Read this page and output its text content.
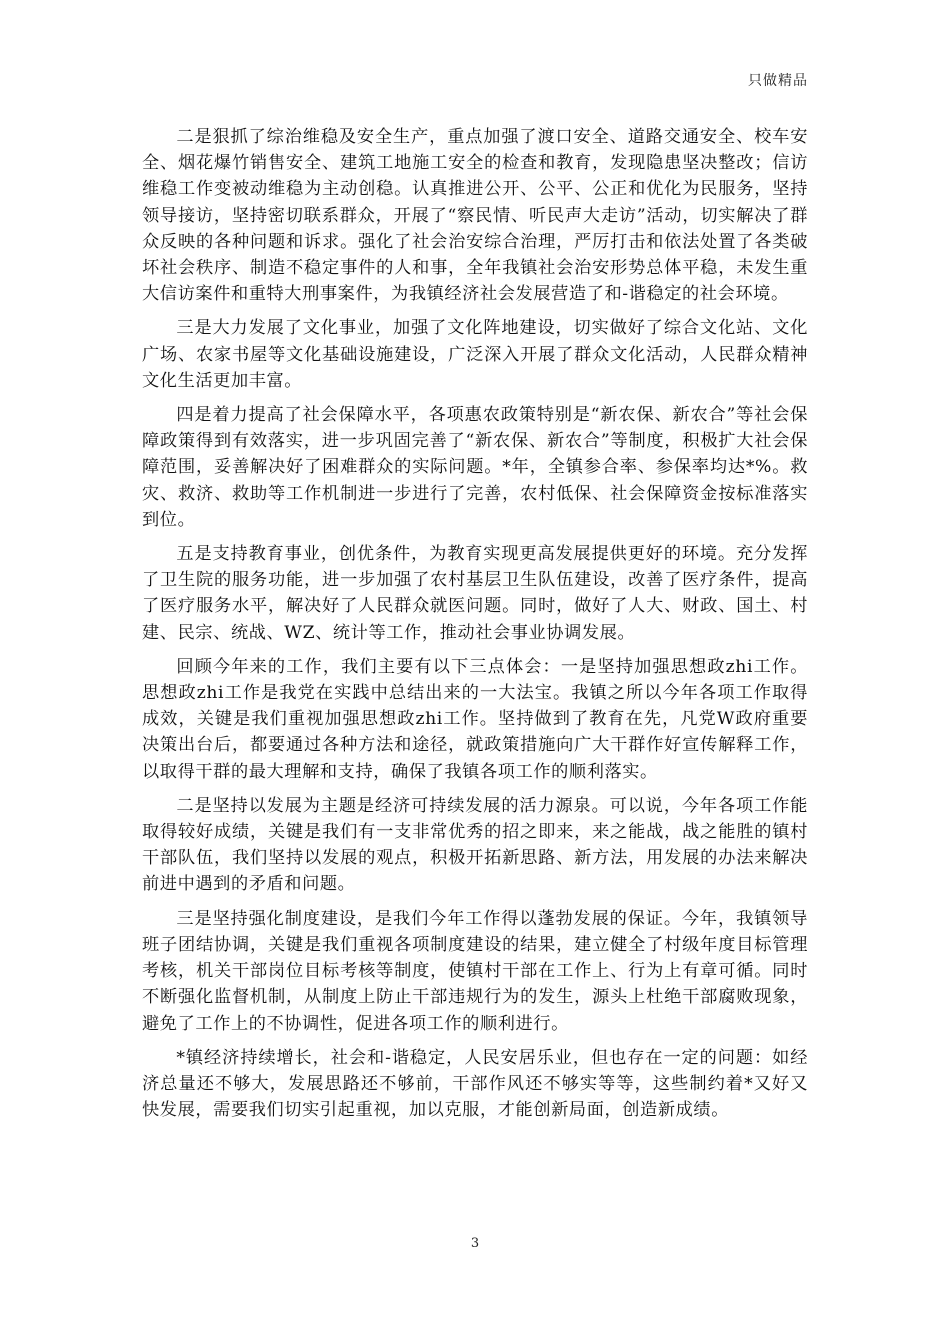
只做精品

二是狠抓了综治维稳及安全生产，重点加强了渡口安全、道路交通安全、校车安全、烟花爆竹销售安全、建筑工地施工安全的检查和教育，发现隐患坚决整改；信访维稳工作变被动维稳为主动创稳。认真推进公开、公平、公正和优化为民服务，坚持领导接访，坚持密切联系群众，开展了“察民情、听民声大走访”活动，切实解决了群众反映的各种问题和诉求。强化了社会治安综合治理，严厉打击和依法处置了各类破坏社会秩序、制造不稳定事件的人和事，全年我镇社会治安形势总体平稳，未发生重大信访案件和重特大刑事案件，为我镇经济社会发展营造了和-谐稳定的社会环境。

三是大力发展了文化事业，加强了文化阵地建设，切实做好了综合文化站、文化广场、农家书屋等文化基础设施建设，广泛深入开展了群众文化活动，人民群众精神文化生活更加丰富。

四是着力提高了社会保障水平，各项惠农政策特别是“新农保、新农合”等社会保障政策得到有效落实，进一步巩固完善了“新农保、新农合”等制度，积极扩大社会保障范围，妥善解决好了困难群众的实际问题。*年，全镇参合率、参保率均达*%。救灾、救济、救助等工作机制进一步进行了完善，农村低保、社会保障资金按标准落实到位。

五是支持教育事业，创优条件，为教育实现更高发展提供更好的环境。充分发挥了卫生院的服务功能，进一步加强了农村基层卫生队伍建设，改善了医疗条件，提高了医疗服务水平，解决好了人民群众就医问题。同时，做好了人大、财政、国土、村建、民宗、统战、WZ、统计等工作，推动社会事业协调发展。

回顾今年来的工作，我们主要有以下三点体会：一是坚持加强思想政zhi工作。思想政zhi工作是我党在实践中总结出来的一大法宝。我镇之所以今年各项工作取得成效，关键是我们重视加强思想政zhi工作。坚持做到了教育在先，凡党W政府重要决策出台后，都要通过各种方法和途径，就政策措施向广大干群作好宣传解释工作，以取得干群的最大理解和支持，确保了我镇各项工作的顺利落实。

二是坚持以发展为主题是经济可持续发展的活力源泉。可以说，今年各项工作能取得较好成绩，关键是我们有一支非常优秀的招之即来，来之能战，战之能胜的镇村干部队伍，我们坚持以发展的观点，积极开拓新思路、新方法，用发展的办法来解决前进中遇到的矛盾和问题。

三是坚持强化制度建设，是我们今年工作得以蓬勃发展的保证。今年，我镇领导班子团结协调，关键是我们重视各项制度建设的结果，建立健全了村级年度目标管理考核，机关干部岗位目标考核等制度，使镇村干部在工作上、行为上有章可循。同时不断强化监督机制，从制度上防止干部违规行为的发生，源头上杜绝干部腐败现象，避免了工作上的不协调性，促进各项工作的顺利进行。

*镇经济持续增长，社会和-谐稳定，人民安居乐业，但也存在一定的问题：如经济总量还不够大，发展思路还不够前，干部作风还不够实等等，这些制约着*又好又快发展，需要我们切实引起重视，加以克服，才能创新局面，创造新成绩。

3
